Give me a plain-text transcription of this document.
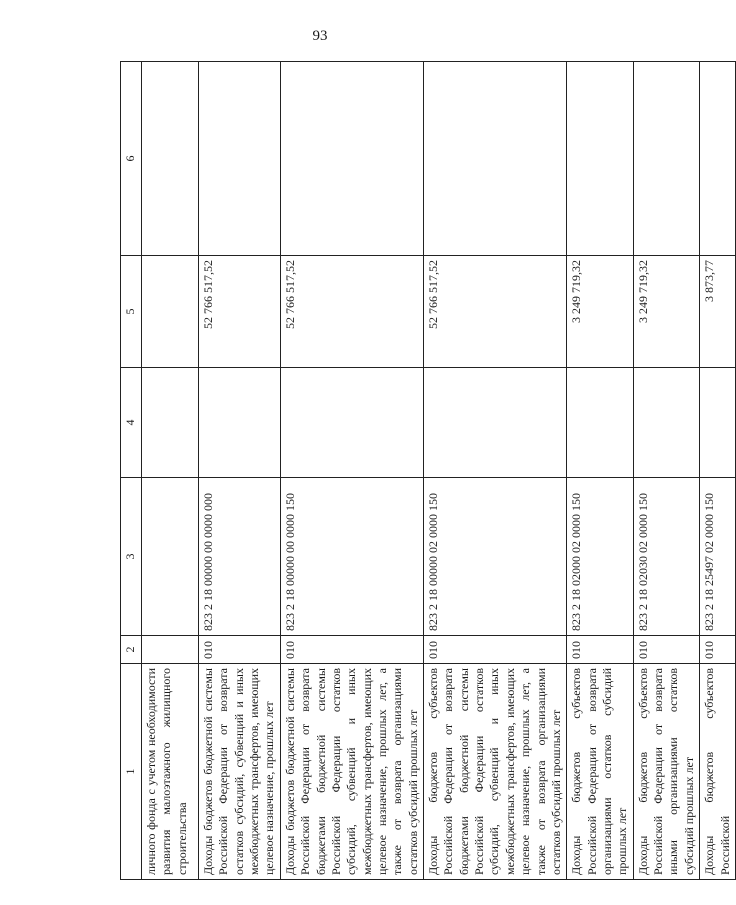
93
1	2	3	4	5	6
личного фонда с учетом необходимости развития малоэтажного жилищного строительства					
Доходы бюджетов бюджетной системы Российской Федерации от возврата остатков субсидий, субвенций и иных межбюджетных трансфертов, имеющих целевое назначение, прошлых лет	010	823 2 18 00000 00 0000 000		52 766 517,52	
Доходы бюджетов бюджетной системы Российской Федерации от возврата бюджетами бюджетной системы Российской Федерации остатков субсидий, субвенций и иных межбюджетных трансфертов, имеющих целевое назначение, прошлых лет, а также от возврата организациями остатков субсидий прошлых лет	010	823 2 18 00000 00 0000 150		52 766 517,52	
Доходы бюджетов субъектов Российской Федерации от возврата бюджетами бюджетной системы Российской Федерации остатков субсидий, субвенций и иных межбюджетных трансфертов, имеющих целевое назначение, прошлых лет, а также от возврата организациями остатков субсидий прошлых лет	010	823 2 18 00000 02 0000 150		52 766 517,52	
Доходы бюджетов субъектов Российской Федерации от возврата организациями остатков субсидий прошлых лет	010	823 2 18 02000 02 0000 150		3 249 719,32	
Доходы бюджетов субъектов Российской Федерации от возврата иными организациями остатков субсидий прошлых лет	010	823 2 18 02030 02 0000 150		3 249 719,32	
Доходы бюджетов субъектов Российской	010	823 2 18 25497 02 0000 150		3 873,77	
